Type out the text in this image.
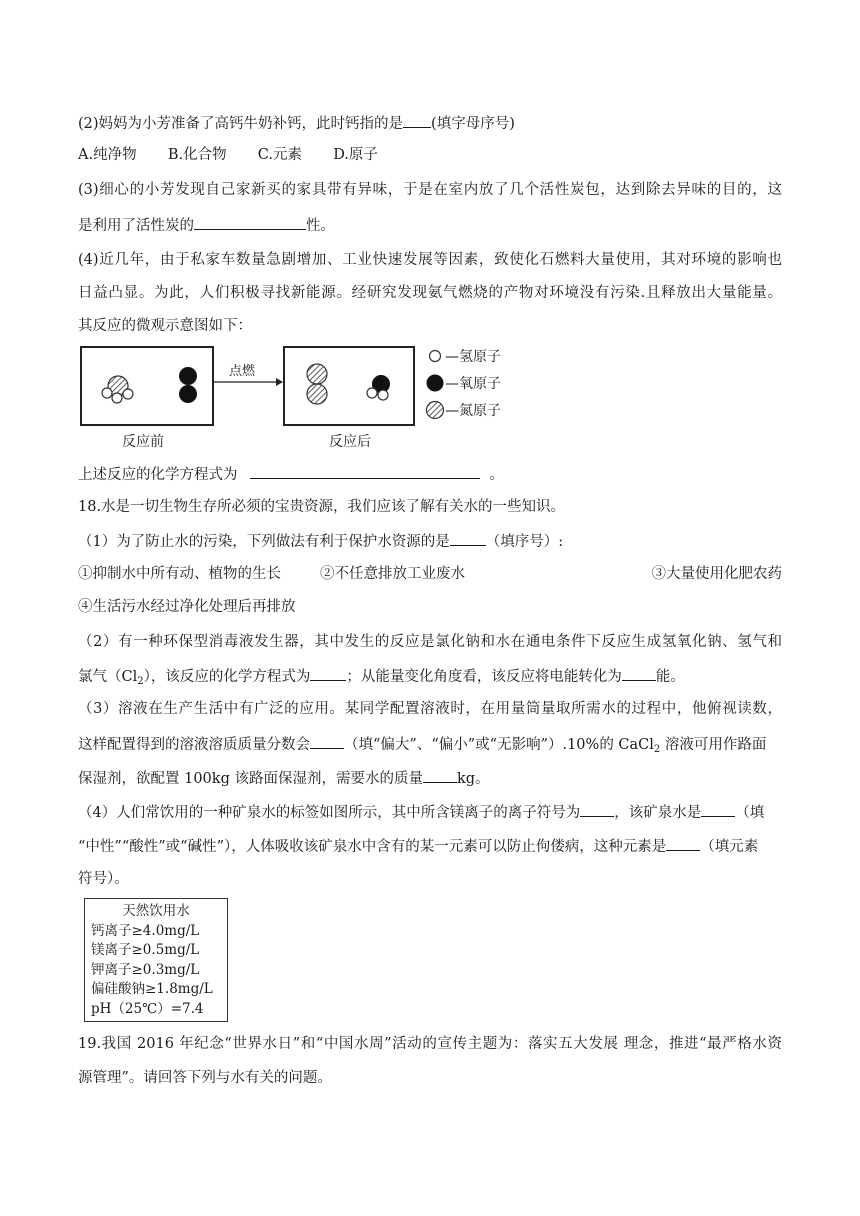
(2)妈妈为小芳准备了高钙牛奶补钙，此时钙指的是 (填字母序号)
A.纯净物 B.化合物 C.元素 D.原子
(3)细心的小芳发现自己家新买的家具带有异味，于是在室内放了几个活性炭包，达到除去异味的目的，这
是利用了活性炭的	性。
(4)近几年，由于私家车数量急剧增加、工业快速发展等因素，致使化石燃料大量使用，其对环境的影响也
日益凸显。为此，人们积极寻找新能源。经研究发现氨气燃烧的产物对环境没有污染.且释放出大量能量。
其反应的微观示意图如下：
点燃
反应前	反应后
—氢原子
—氧原子
—氮原子
上述反应的化学方程式为	。
18.水是一切生物生存所必须的宝贵资源，我们应该了解有关水的一些知识。
（1）为了防止水的污染，下列做法有利于保护水资源的是 （填序号）:
①抑制水中所有动、植物的生长	②不任意排放工业废水	③大量使用化肥农药
④生活污水经过净化处理后再排放
（2）有一种环保型消毒液发生器，其中发生的反应是氯化钠和水在通电条件下反应生成氢氧化钠、氢气和
氯气$(Cl_2)$，该反应的化学方程式为 ；从能量变化角度看，该反应将电能转化为 能。
（3）溶液在生产生活中有广泛的应用。某同学配置溶液时，在用量筒量取所需水的过程中，他俯视读数，
这样配置得到的溶液溶质质量分数会 （填“偏大”、“偏小”或“无影响”）.10%的 CaCl$_2$ 溶液可用作路面
保湿剂，欲配置 100kg 该路面保湿剂，需要水的质量 kg。
（4）人们常饮用的一种矿泉水的标签如图所示，其中所含镁离子的离子符号为 ，该矿泉水是 （填
“中性”“酸性”或“碱性”），人体吸收该矿泉水中含有的某一元素可以防止佝偻病，这种元素是 （填元素
符号）。
天然饮用水
钙离子≥4.0mg/L
镁离子≥0.5mg/L
钾离子≥0.3mg/L
偏硅酸钠≥1.8mg/L
pH（25℃）=7.4
19.我国 2016 年纪念“世界水日”和“中国水周”活动的宣传主题为：落实五大发展 理念，推进“最严格水资
源管理”。请回答下列与水有关的问题。
